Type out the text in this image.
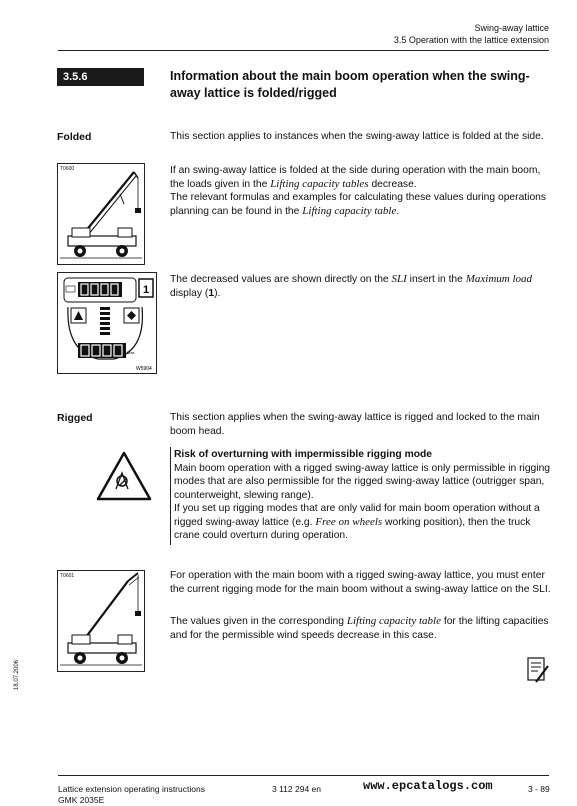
Swing-away lattice
3.5 Operation with the lattice extension
3.5.6	Information about the main boom operation when the swing-away lattice is folded/rigged
Folded	This section applies to instances when the swing-away lattice is folded at the side.
If an swing-away lattice is folded at the side during operation with the main boom, the loads given in the Lifting capacity tables decrease.
The relevant formulas and examples for calculating these values during operations planning can be found in the Lifting capacity table.
The decreased values are shown directly on the SLI insert in the Maximum load display (1).
T0600
1
Max
W5904
Rigged	This section applies when the swing-away lattice is rigged and locked to the main boom head.
Risk of overturning with impermissible rigging mode
Main boom operation with a rigged swing-away lattice is only permissible in rigging modes that are also permissible for the rigged swing-away lattice (outrigger span, counterweight, slewing range).
If you set up rigging modes that are only valid for main boom operation without a rigged swing-away lattice (e.g. Free on wheels working position), then the truck crane could overturn during operation.
T0601	For operation with the main boom with a rigged swing-away lattice, you must enter the current rigging mode for the main boom without a swing-away lattice on the SLI.
The values given in the corresponding Lifting capacity table for the lifting capacities and for the permissible wind speeds decrease in this case.
18.07.2006
Lattice extension operating instructions
GMK 2035E
3 112 294 en	www.epcatalogs.com	3 - 89
